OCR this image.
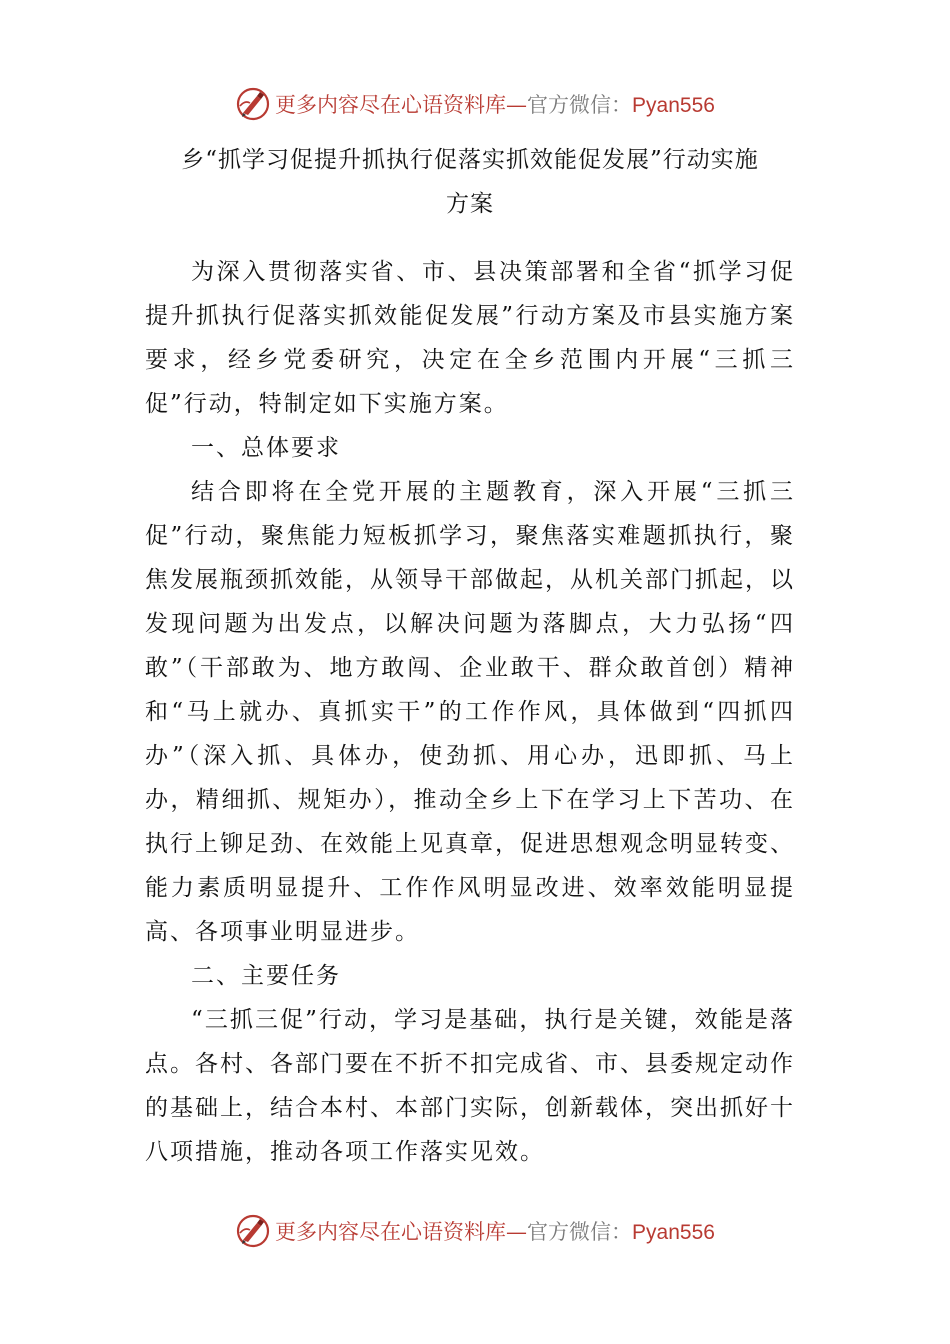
更多内容尽在心语资料库—官方微信：Pyan556
乡“抓学习促提升抓执行促落实抓效能促发展”行动实施
方案

为深入贯彻落实省、市、县决策部署和全省“抓学习促提升抓执行促落实抓效能促发展”行动方案及市县实施方案要求，经乡党委研究，决定在全乡范围内开展“三抓三促”行动，特制定如下实施方案。

一、总体要求

结合即将在全党开展的主题教育，深入开展“三抓三促”行动，聚焦能力短板抓学习，聚焦落实难题抓执行，聚焦发展瓶颈抓效能，从领导干部做起，从机关部门抓起，以发现问题为出发点，以解决问题为落脚点，大力弘扬“四敢”（干部敢为、地方敢闯、企业敢干、群众敢首创）精神和“马上就办、真抓实干”的工作作风，具体做到“四抓四办”（深入抓、具体办，使劲抓、用心办，迅即抓、马上办，精细抓、规矩办），推动全乡上下在学习上下苦功、在执行上铆足劲、在效能上见真章，促进思想观念明显转变、能力素质明显提升、工作作风明显改进、效率效能明显提高、各项事业明显进步。

二、主要任务

“三抓三促”行动，学习是基础，执行是关键，效能是落点。各村、各部门要在不折不扣完成省、市、县委规定动作的基础上，结合本村、本部门实际，创新载体，突出抓好十八项措施，推动各项工作落实见效。

更多内容尽在心语资料库—官方微信：Pyan556
